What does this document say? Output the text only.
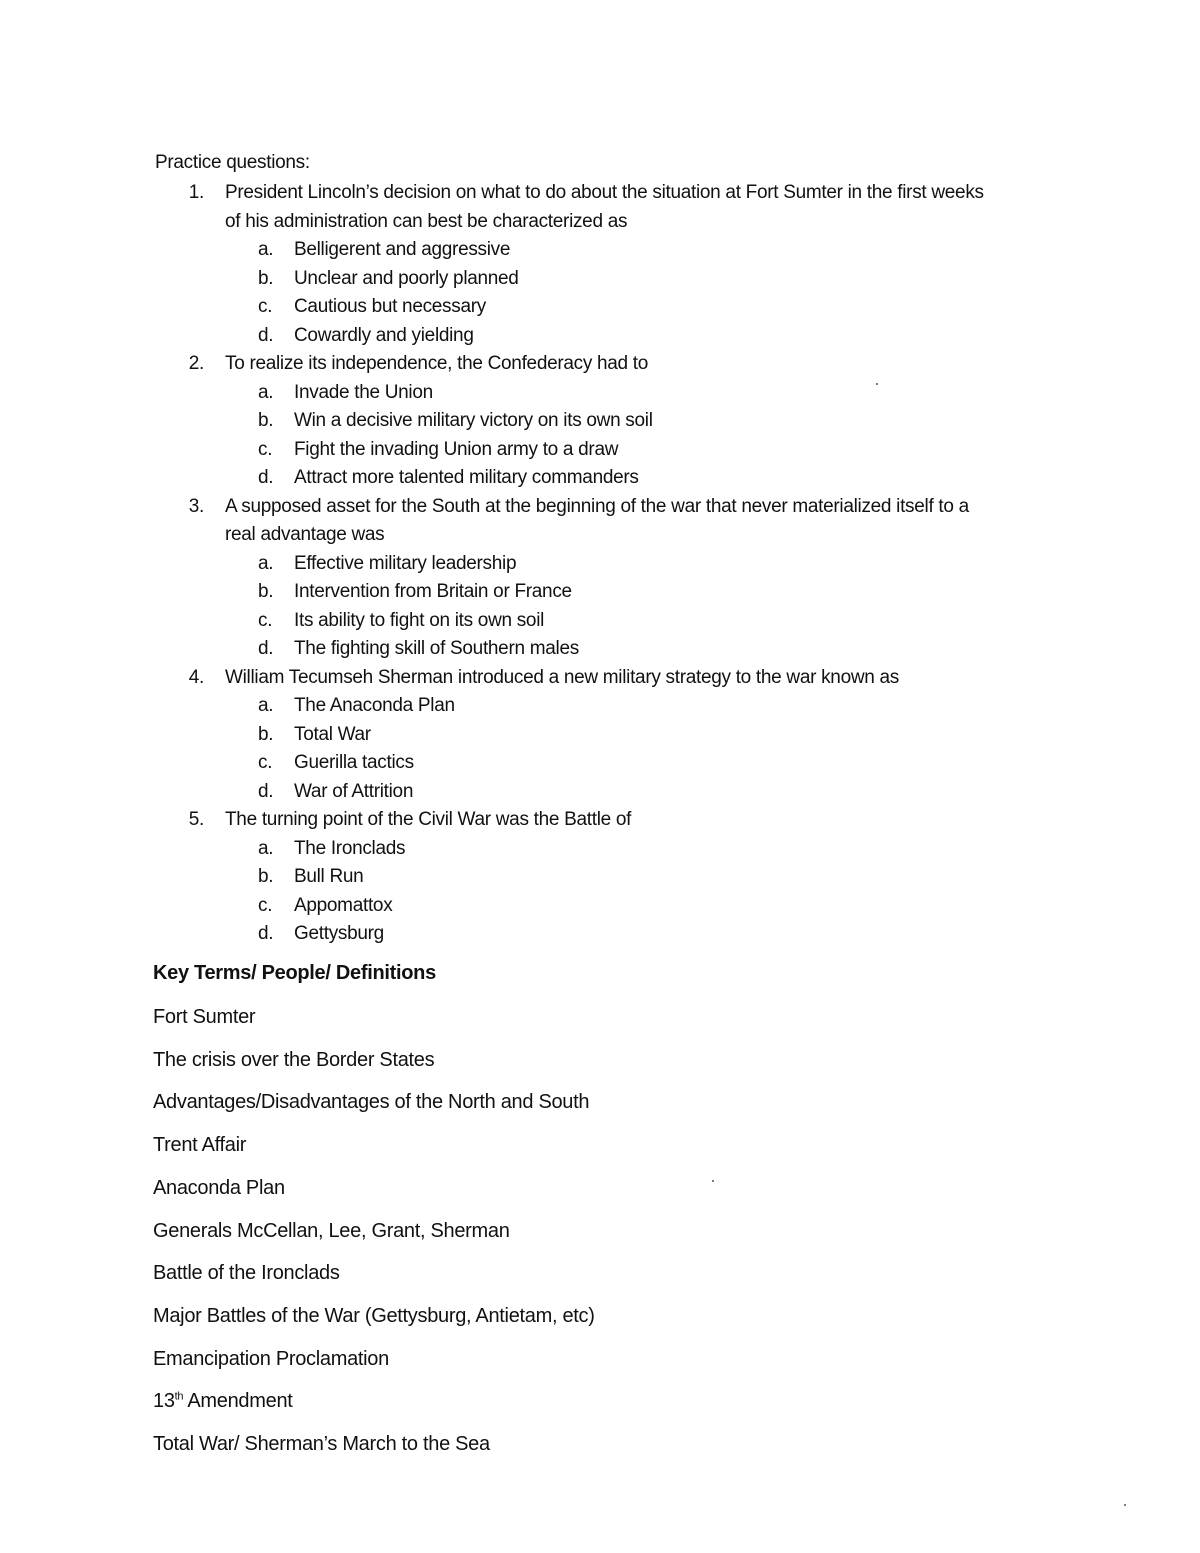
Practice questions:
1. President Lincoln’s decision on what to do about the situation at Fort Sumter in the first weeks
of his administration can best be characterized as
a. Belligerent and aggressive
b. Unclear and poorly planned
c. Cautious but necessary
d. Cowardly and yielding
2. To realize its independence, the Confederacy had to
a. Invade the Union
b. Win a decisive military victory on its own soil
c. Fight the invading Union army to a draw
d. Attract more talented military commanders
3. A supposed asset for the South at the beginning of the war that never materialized itself to a
real advantage was
a. Effective military leadership
b. Intervention from Britain or France
c. Its ability to fight on its own soil
d. The fighting skill of Southern males
4. William Tecumseh Sherman introduced a new military strategy to the war known as
a. The Anaconda Plan
b. Total War
c. Guerilla tactics
d. War of Attrition
5. The turning point of the Civil War was the Battle of
a. The Ironclads
b. Bull Run
c. Appomattox
d. Gettysburg
Key Terms/ People/ Definitions
Fort Sumter
The crisis over the Border States
Advantages/Disadvantages of the North and South
Trent Affair
Anaconda Plan
Generals McCellan, Lee, Grant, Sherman
Battle of the Ironclads
Major Battles of the War (Gettysburg, Antietam, etc)
Emancipation Proclamation
13th Amendment
Total War/ Sherman’s March to the Sea
